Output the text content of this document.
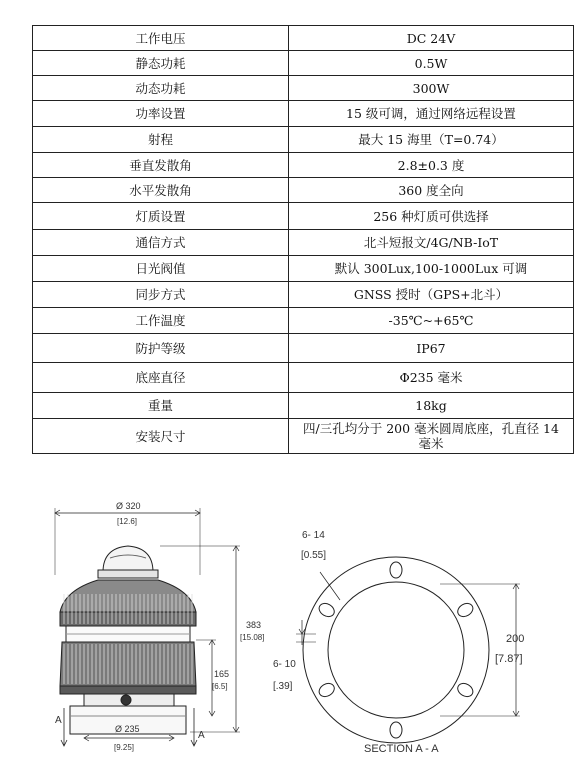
工作电压	DC 24V
静态功耗	0.5W
动态功耗	300W
功率设置	15 级可调，通过网络远程设置
射程	最大 15 海里（T=0.74）
垂直发散角	2.8±0.3 度
水平发散角	360 度全向
灯质设置	256 种灯质可供选择
通信方式	北斗短报文/4G/NB-IoT
日光阀值	默认 300Lux,100-1000Lux 可调
同步方式	GNSS 授时（GPS+北斗）
工作温度	-35℃~+65℃
防护等级	IP67
底座直径	Φ235 毫米
重量	18kg
安装尺寸	四/三孔均分于 200 毫米圆周底座，孔直径 14 毫米
Ø 320
[12.6]
383
[15.08]
165
[6.5]
Ø 235
[9.25]
A
A
6- 14
[0.55]
6- 10
[.39]
200
[7.87]
SECTION A - A
